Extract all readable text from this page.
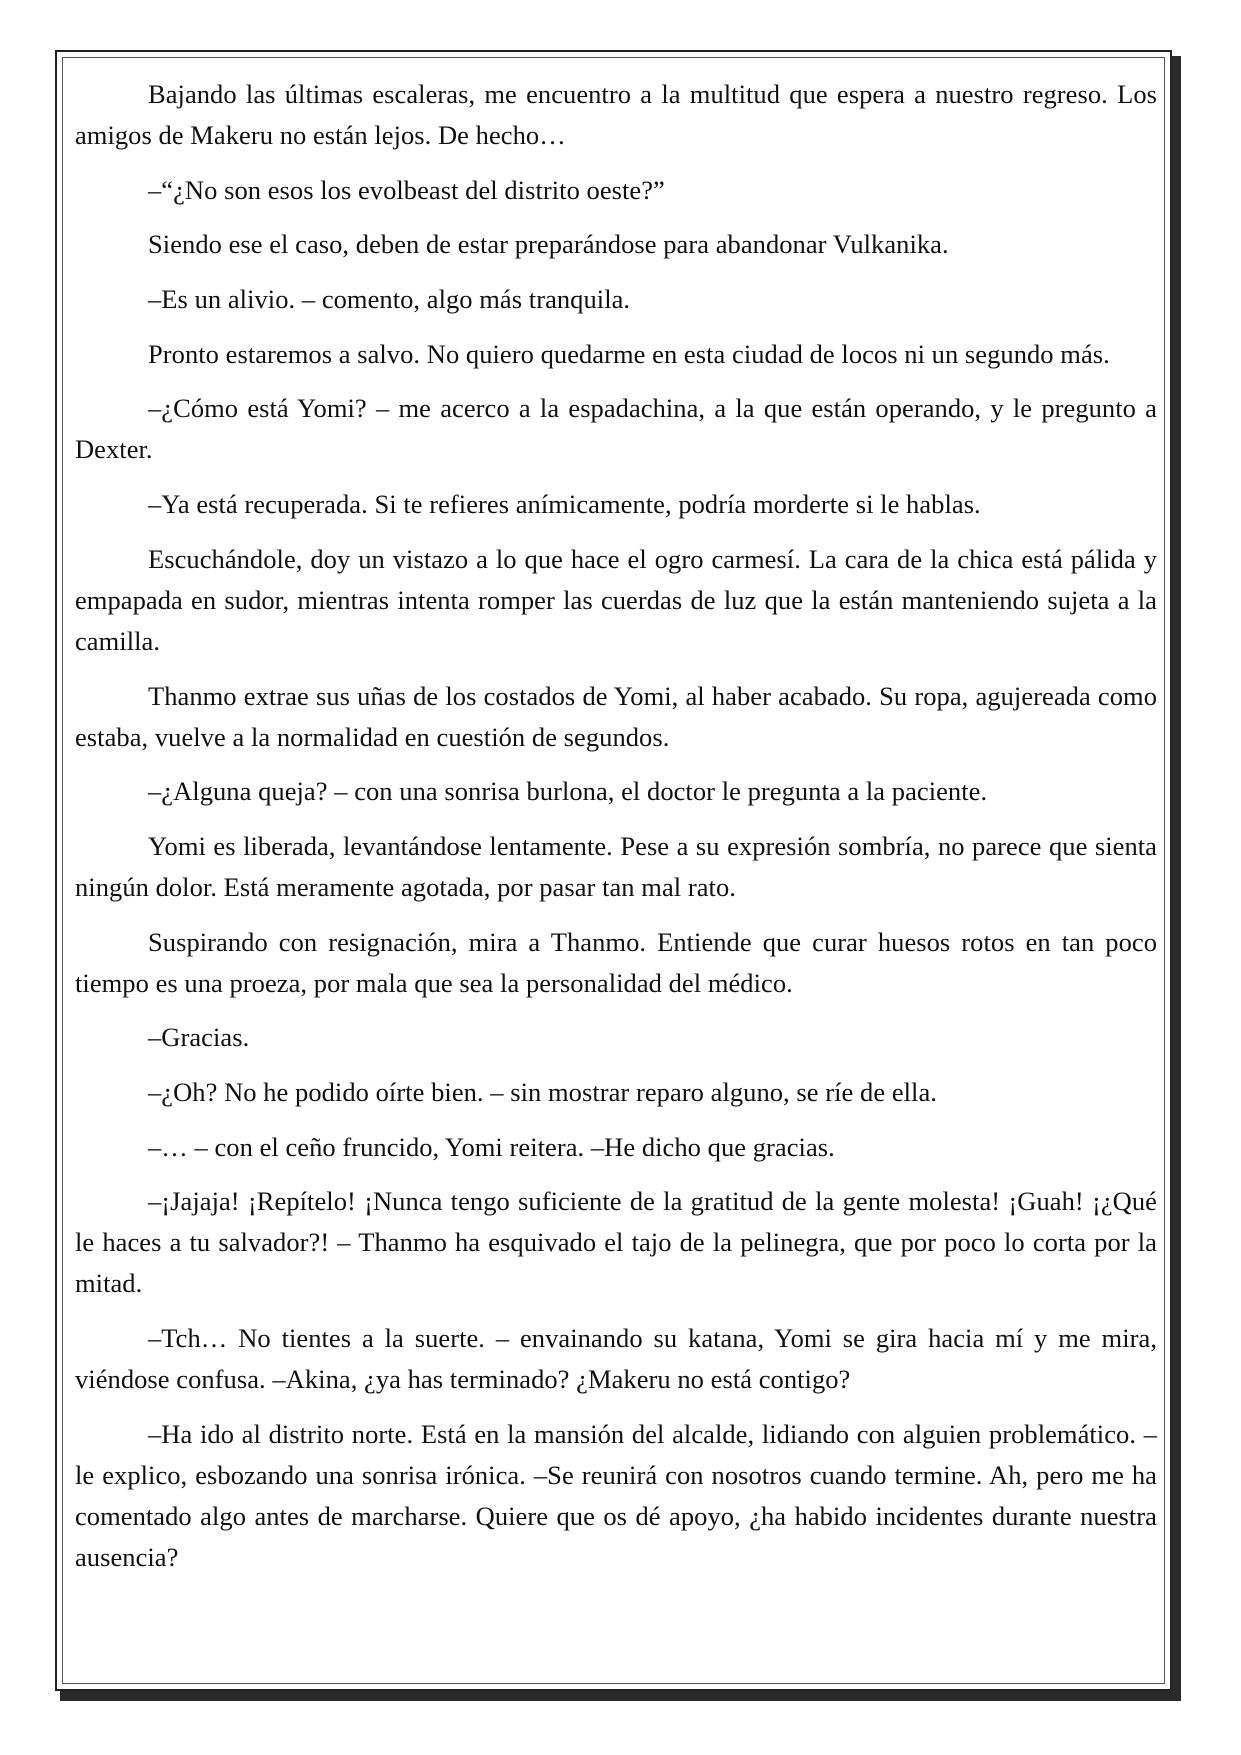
Bajando las últimas escaleras, me encuentro a la multitud que espera a nuestro regreso. Los amigos de Makeru no están lejos. De hecho…

–“¿No son esos los evolbeast del distrito oeste?”

Siendo ese el caso, deben de estar preparándose para abandonar Vulkanika.

–Es un alivio. – comento, algo más tranquila.

Pronto estaremos a salvo. No quiero quedarme en esta ciudad de locos ni un segundo más.

–¿Cómo está Yomi? – me acerco a la espadachina, a la que están operando, y le pregunto a Dexter.

–Ya está recuperada. Si te refieres anímicamente, podría morderte si le hablas.

Escuchándole, doy un vistazo a lo que hace el ogro carmesí. La cara de la chica está pálida y empapada en sudor, mientras intenta romper las cuerdas de luz que la están manteniendo sujeta a la camilla.

Thanmo extrae sus uñas de los costados de Yomi, al haber acabado. Su ropa, agujereada como estaba, vuelve a la normalidad en cuestión de segundos.

–¿Alguna queja? – con una sonrisa burlona, el doctor le pregunta a la paciente.

Yomi es liberada, levantándose lentamente. Pese a su expresión sombría, no parece que sienta ningún dolor. Está meramente agotada, por pasar tan mal rato.

Suspirando con resignación, mira a Thanmo. Entiende que curar huesos rotos en tan poco tiempo es una proeza, por mala que sea la personalidad del médico.

–Gracias.

–¿Oh? No he podido oírte bien. – sin mostrar reparo alguno, se ríe de ella.

–… – con el ceño fruncido, Yomi reitera. –He dicho que gracias.

–¡Jajaja! ¡Repítelo! ¡Nunca tengo suficiente de la gratitud de la gente molesta! ¡Guah! ¡¿Qué le haces a tu salvador?! – Thanmo ha esquivado el tajo de la pelinegra, que por poco lo corta por la mitad.

–Tch… No tientes a la suerte. – envainando su katana, Yomi se gira hacia mí y me mira, viéndose confusa. –Akina, ¿ya has terminado? ¿Makeru no está contigo?

–Ha ido al distrito norte. Está en la mansión del alcalde, lidiando con alguien problemático. – le explico, esbozando una sonrisa irónica. –Se reunirá con nosotros cuando termine. Ah, pero me ha comentado algo antes de marcharse. Quiere que os dé apoyo, ¿ha habido incidentes durante nuestra ausencia?
